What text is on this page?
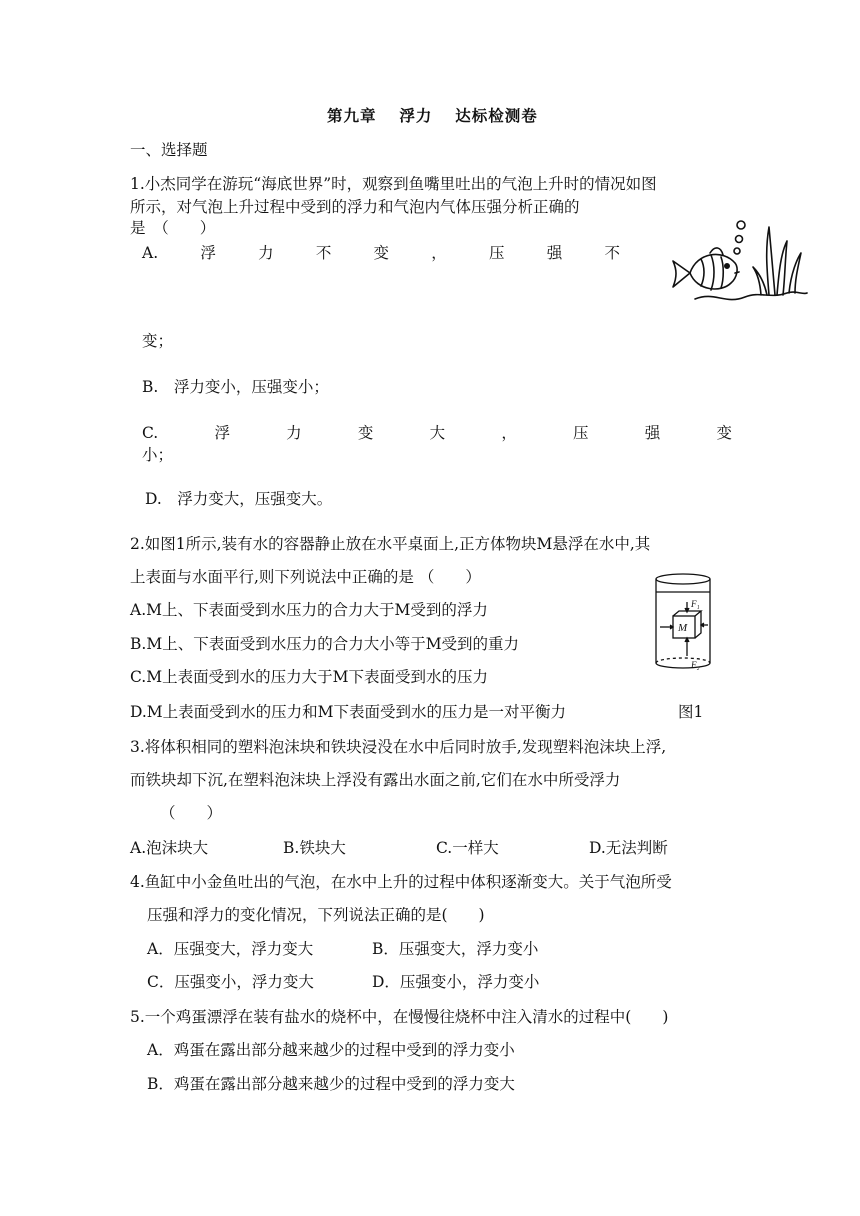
第九章　 浮力　 达标检测卷
一、选择题
1.小杰同学在游玩“海底世界”时，观察到鱼嘴里吐出的气泡上升时的情况如图
所示，对气泡上升过程中受到的浮力和气泡内气体压强分析正确的
是　（　　）
A.	浮	力	不	变	，	压	强	不
变；
B.　浮力变小，压强变小；
C.	浮	力	变	大	，	压	强	变
小；
D.　浮力变大，压强变大。
2.如图1所示,装有水的容器静止放在水平桌面上,正方体物块M悬浮在水中,其
上表面与水面平行,则下列说法中正确的是 （　　）
A.M上、下表面受到水压力的合力大于M受到的浮力
B.M上、下表面受到水压力的合力大小等于M受到的重力
C.M上表面受到水的压力大于M下表面受到水的压力
D.M上表面受到水的压力和M下表面受到水的压力是一对平衡力	图1
M
F₁
F₂
3.将体积相同的塑料泡沫块和铁块浸没在水中后同时放手,发现塑料泡沫块上浮,
而铁块却下沉,在塑料泡沫块上浮没有露出水面之前,它们在水中所受浮力
（　　）
A.泡沫块大	B.铁块大	C.一样大	D.无法判断
4.鱼缸中小金鱼吐出的气泡，在水中上升的过程中体积逐渐变大。关于气泡所受
压强和浮力的变化情况，下列说法正确的是(　　)
A．压强变大，浮力变大	B．压强变大，浮力变小
C．压强变小，浮力变大	D．压强变小，浮力变小
5.一个鸡蛋漂浮在装有盐水的烧杯中，在慢慢往烧杯中注入清水的过程中(　　)
A．鸡蛋在露出部分越来越少的过程中受到的浮力变小
B．鸡蛋在露出部分越来越少的过程中受到的浮力变大
